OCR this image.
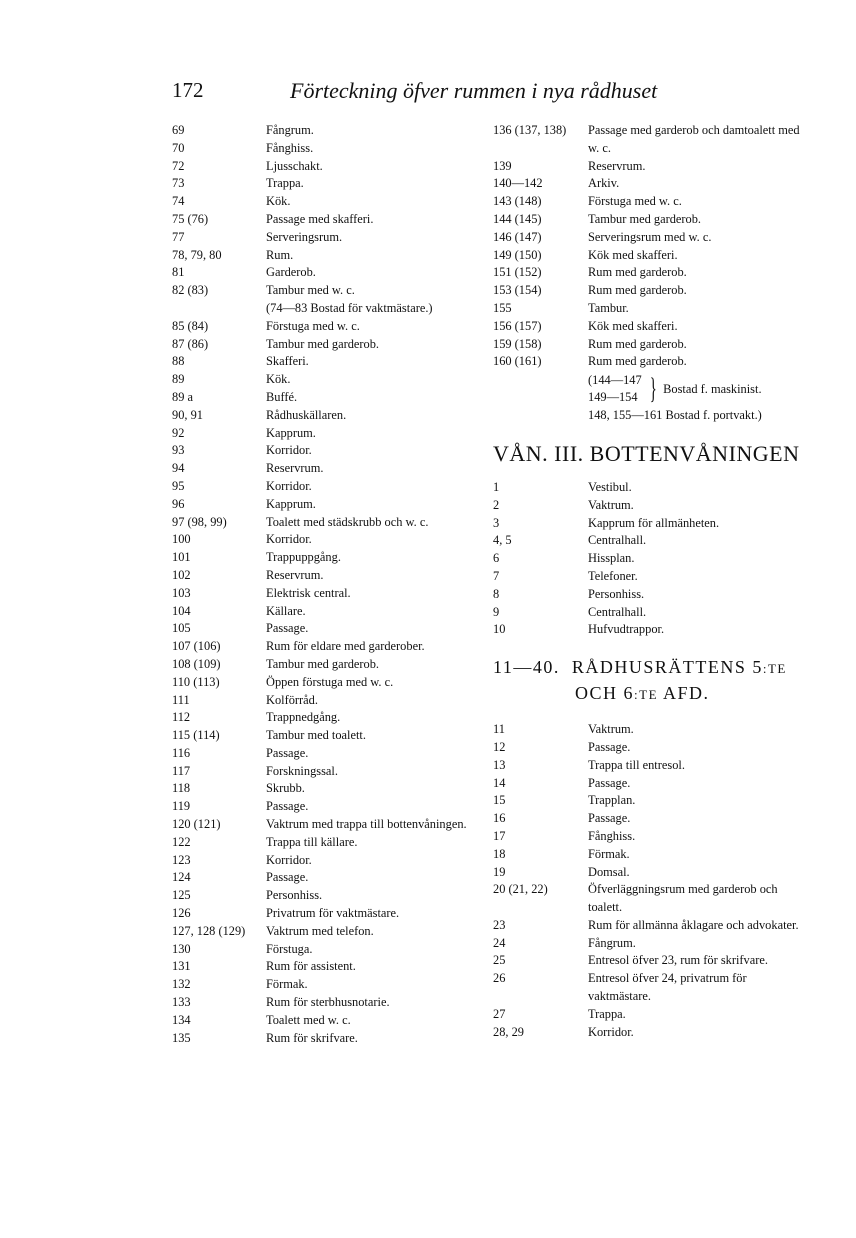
172	Förteckning öfver rummen i nya rådhuset
69	Fångrum.
70	Fånghiss.
72	Ljusschakt.
73	Trappa.
74	Kök.
75 (76)	Passage med skafferi.
77	Serveringsrum.
78, 79, 80	Rum.
81	Garderob.
82 (83)	Tambur med w. c.
(74—83 Bostad för vaktmästare.)
85 (84)	Förstuga med w. c.
87 (86)	Tambur med garderob.
88	Skafferi.
89	Kök.
89 a	Buffé.
90, 91	Rådhuskällaren.
92	Kapprum.
93	Korridor.
94	Reservrum.
95	Korridor.
96	Kapprum.
97 (98, 99)	Toalett med städskrubb och w. c.
100	Korridor.
101	Trappuppgång.
102	Reservrum.
103	Elektrisk central.
104	Källare.
105	Passage.
107 (106)	Rum för eldare med garderober.
108 (109)	Tambur med garderob.
110 (113)	Öppen förstuga med w. c.
111	Kolförråd.
112	Trappnedgång.
115 (114)	Tambur med toalett.
116	Passage.
117	Forskningssal.
118	Skrubb.
119	Passage.
120 (121)	Vaktrum med trappa till bottenvåningen.
122	Trappa till källare.
123	Korridor.
124	Passage.
125	Personhiss.
126	Privatrum för vaktmästare.
127, 128 (129)	Vaktrum med telefon.
130	Förstuga.
131	Rum för assistent.
132	Förmak.
133	Rum för sterbhusnotarie.
134	Toalett med w. c.
135	Rum för skrifvare.
136 (137, 138)	Passage med garderob och damtoalett med w. c.
139	Reservrum.
140—142	Arkiv.
143 (148)	Förstuga med w. c.
144 (145)	Tambur med garderob.
146 (147)	Serveringsrum med w. c.
149 (150)	Kök med skafferi.
151 (152)	Rum med garderob.
153 (154)	Rum med garderob.
155	Tambur.
156 (157)	Kök med skafferi.
159 (158)	Rum med garderob.
160 (161)	Rum med garderob.
(144—147
149—154 } Bostad f. maskinist.
148, 155—161 Bostad f. portvakt.)
VÅN. III. BOTTENVÅNINGEN
1	Vestibul.
2	Vaktrum.
3	Kapprum för allmänheten.
4, 5	Centralhall.
6	Hissplan.
7	Telefoner.
8	Personhiss.
9	Centralhall.
10	Hufvudtrappor.
11—40. RÅDHUSRÄTTENS 5:TE
OCH 6:TE AFD.
11	Vaktrum.
12	Passage.
13	Trappa till entresol.
14	Passage.
15	Trapplan.
16	Passage.
17	Fånghiss.
18	Förmak.
19	Domsal.
20 (21, 22)	Öfverläggningsrum med garderob och toalett.
23	Rum för allmänna åklagare och advokater.
24	Fångrum.
25	Entresol öfver 23, rum för skrifvare.
26	Entresol öfver 24, privatrum för vaktmästare.
27	Trappa.
28, 29	Korridor.
